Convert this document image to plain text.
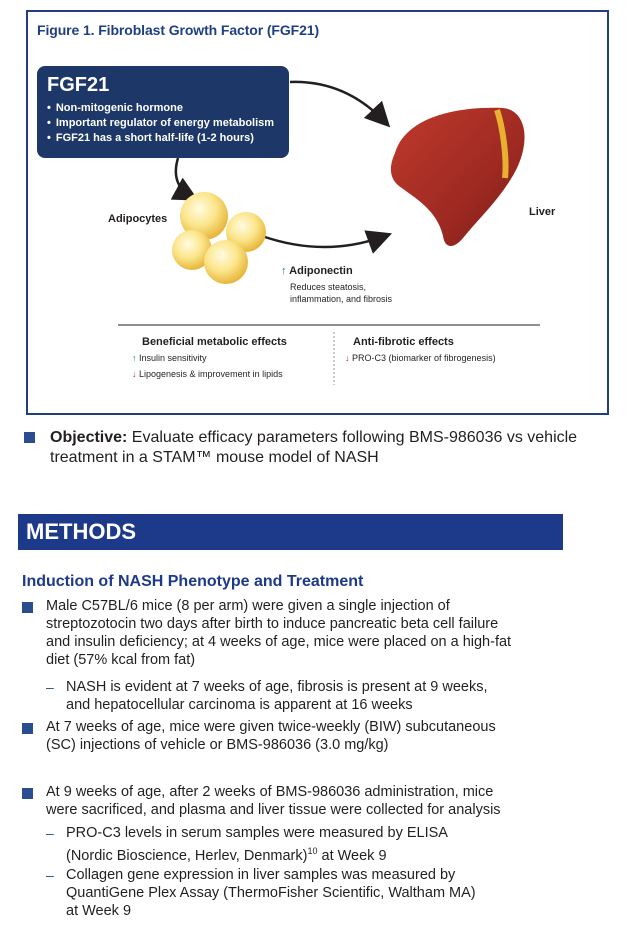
Figure 1. Fibroblast Growth Factor (FGF21)
FGF21
• Non-mitogenic hormone
• Important regulator of energy metabolism
• FGF21 has a short half-life (1-2 hours)
Adipocytes
Liver
↑ Adiponectin
Reduces steatosis,
inflammation, and fibrosis
Beneficial metabolic effects
↑ Insulin sensitivity
↓ Lipogenesis & improvement in lipids
Anti-fibrotic effects
↓ PRO-C3 (biomarker of fibrogenesis)
Objective: Evaluate efficacy parameters following BMS-986036 vs vehicle treatment in a STAM™ mouse model of NASH
METHODS
Induction of NASH Phenotype and Treatment
Male C57BL/6 mice (8 per arm) were given a single injection of
streptozotocin two days after birth to induce pancreatic beta cell failure
and insulin deficiency; at 4 weeks of age, mice were placed on a high-fat
diet (57% kcal from fat)
– NASH is evident at 7 weeks of age, fibrosis is present at 9 weeks,
and hepatocellular carcinoma is apparent at 16 weeks
At 7 weeks of age, mice were given twice-weekly (BIW) subcutaneous
(SC) injections of vehicle or BMS-986036 (3.0 mg/kg)
At 9 weeks of age, after 2 weeks of BMS-986036 administration, mice
were sacrificed, and plasma and liver tissue were collected for analysis
– PRO-C3 levels in serum samples were measured by ELISA
(Nordic Bioscience, Herlev, Denmark)$^{10}$ at Week 9
– Collagen gene expression in liver samples was measured by
QuantiGene Plex Assay (ThermoFisher Scientific, Waltham MA)
at Week 9
